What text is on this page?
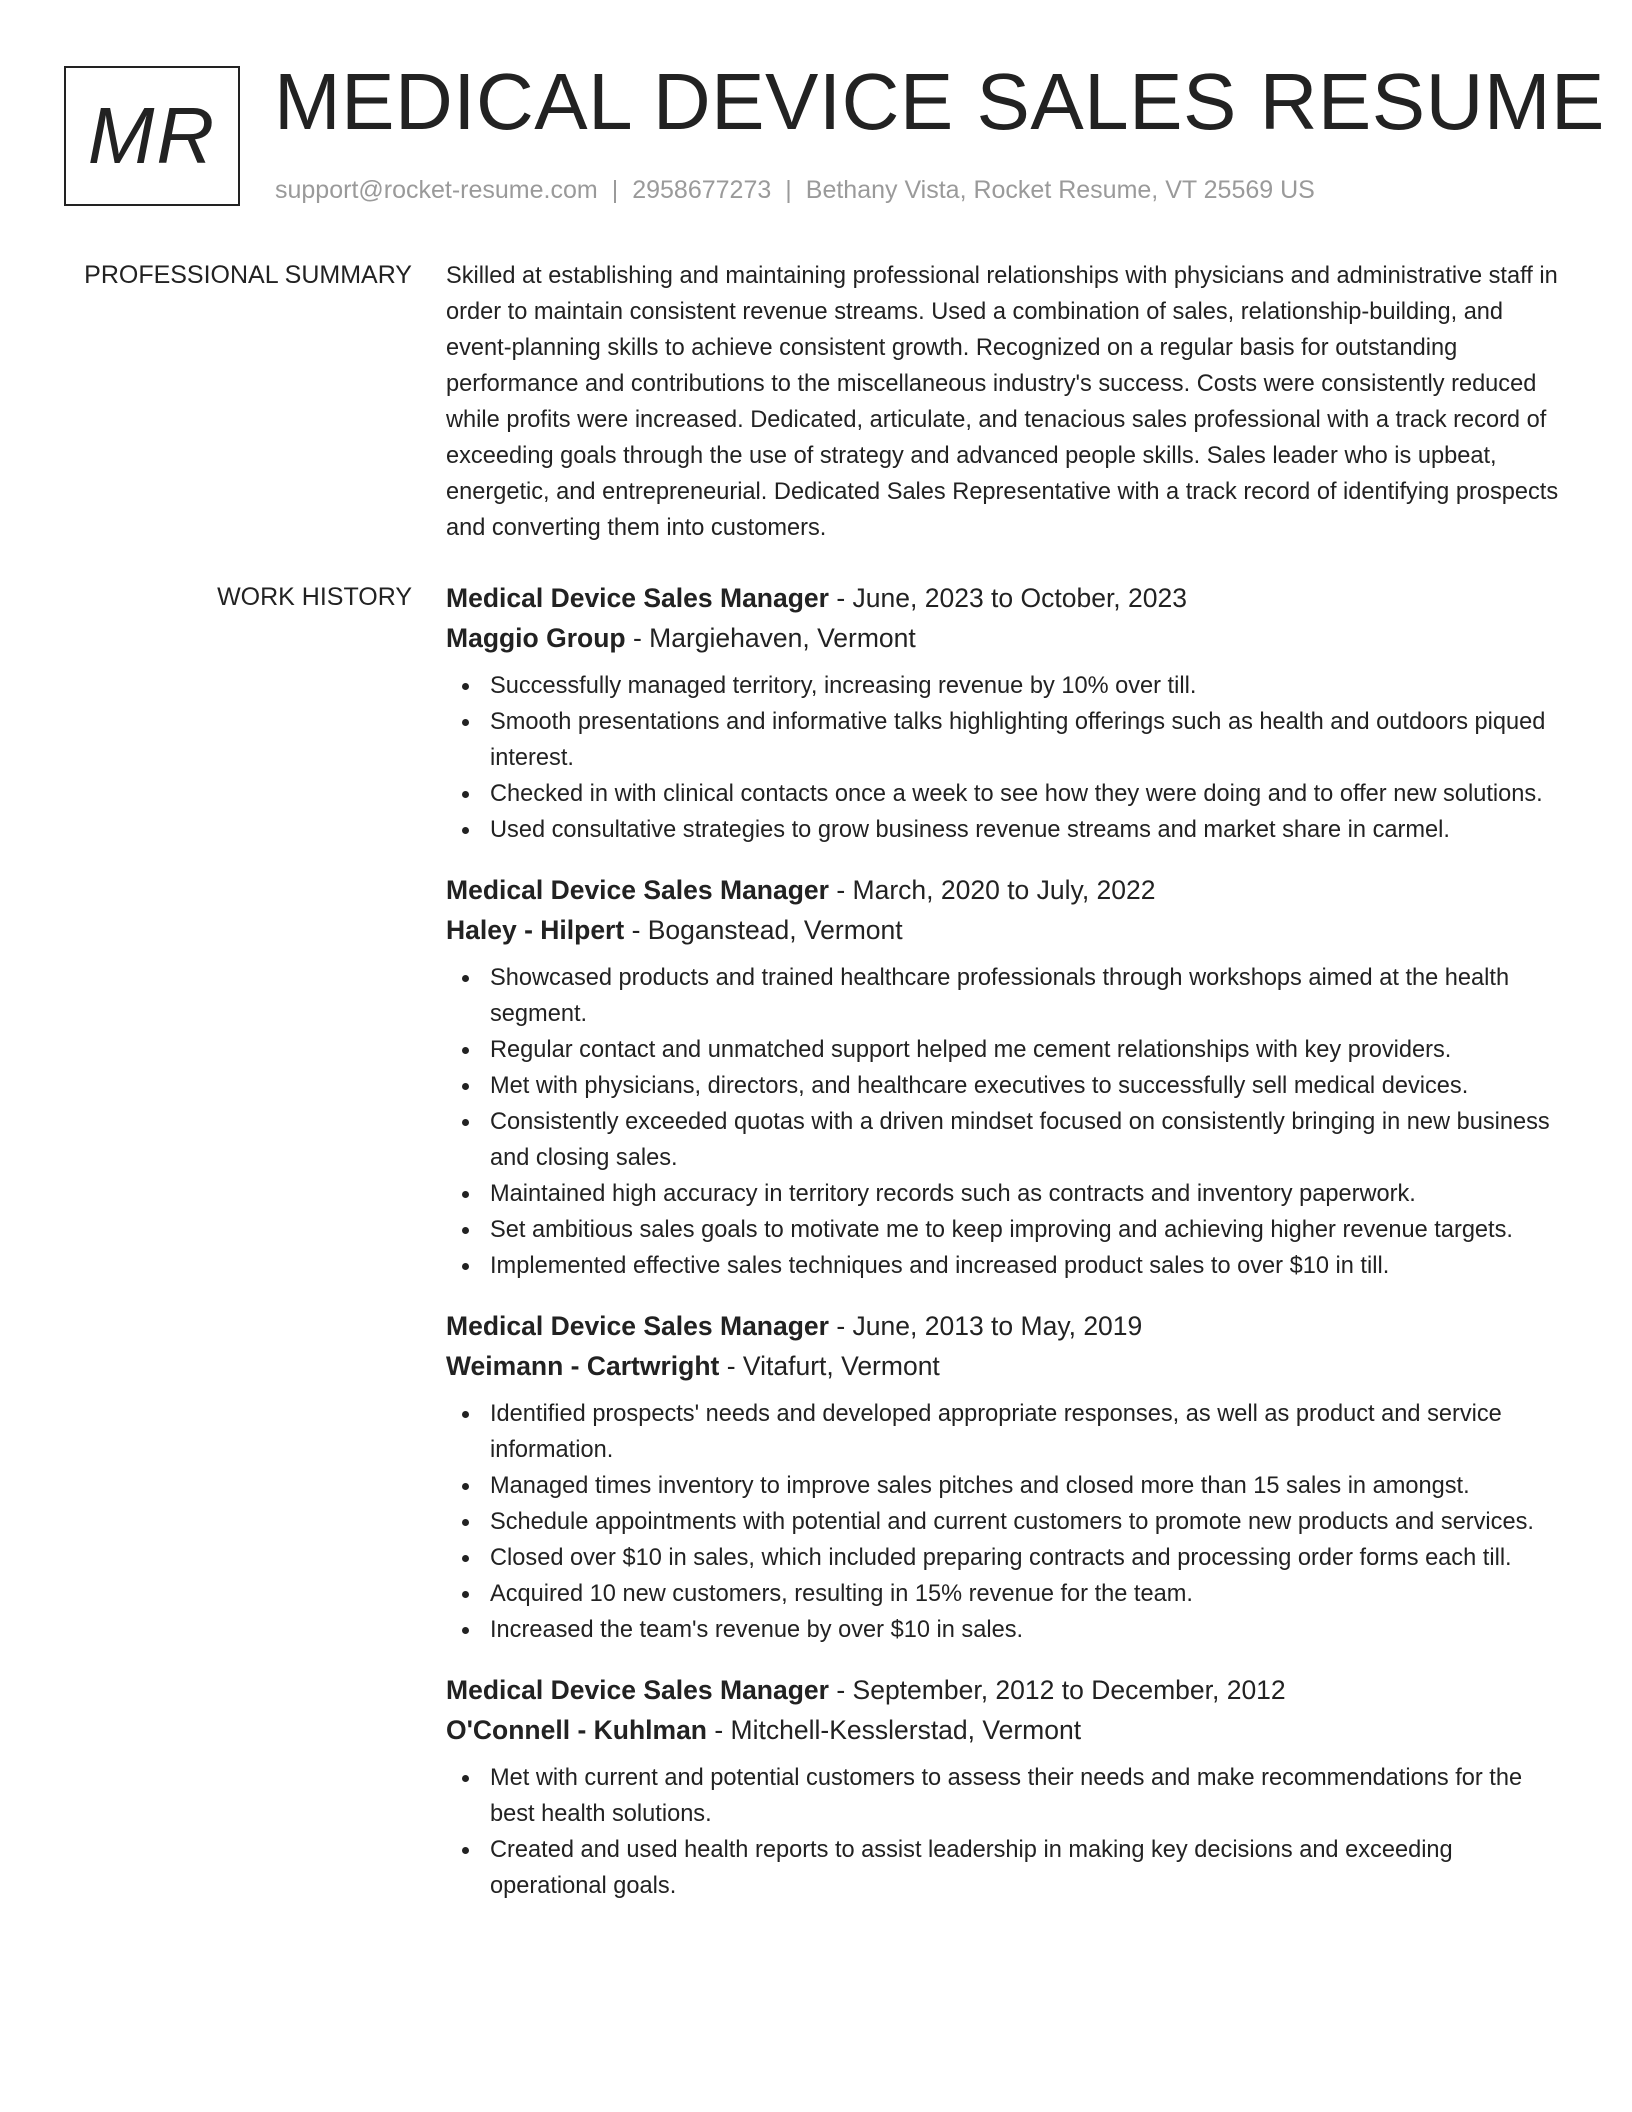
MR MEDICAL DEVICE SALES RESUME
support@rocket-resume.com | 2958677273 | Bethany Vista, Rocket Resume, VT 25569 US
PROFESSIONAL SUMMARY Skilled at establishing and maintaining professional relationships with physicians and administrative staff in order to maintain consistent revenue streams. Used a combination of sales, relationship-building, and event-planning skills to achieve consistent growth. Recognized on a regular basis for outstanding performance and contributions to the miscellaneous industry's success. Costs were consistently reduced while profits were increased. Dedicated, articulate, and tenacious sales professional with a track record of exceeding goals through the use of strategy and advanced people skills. Sales leader who is upbeat, energetic, and entrepreneurial. Dedicated Sales Representative with a track record of identifying prospects and converting them into customers.
WORK HISTORY Medical Device Sales Manager - June, 2023 to October, 2023
Maggio Group - Margiehaven, Vermont
Successfully managed territory, increasing revenue by 10% over till.
Smooth presentations and informative talks highlighting offerings such as health and outdoors piqued interest.
Checked in with clinical contacts once a week to see how they were doing and to offer new solutions.
Used consultative strategies to grow business revenue streams and market share in carmel.
Medical Device Sales Manager - March, 2020 to July, 2022
Haley - Hilpert - Boganstead, Vermont
Showcased products and trained healthcare professionals through workshops aimed at the health segment.
Regular contact and unmatched support helped me cement relationships with key providers.
Met with physicians, directors, and healthcare executives to successfully sell medical devices.
Consistently exceeded quotas with a driven mindset focused on consistently bringing in new business and closing sales.
Maintained high accuracy in territory records such as contracts and inventory paperwork.
Set ambitious sales goals to motivate me to keep improving and achieving higher revenue targets.
Implemented effective sales techniques and increased product sales to over $10 in till.
Medical Device Sales Manager - June, 2013 to May, 2019
Weimann - Cartwright - Vitafurt, Vermont
Identified prospects' needs and developed appropriate responses, as well as product and service information.
Managed times inventory to improve sales pitches and closed more than 15 sales in amongst.
Schedule appointments with potential and current customers to promote new products and services.
Closed over $10 in sales, which included preparing contracts and processing order forms each till.
Acquired 10 new customers, resulting in 15% revenue for the team.
Increased the team's revenue by over $10 in sales.
Medical Device Sales Manager - September, 2012 to December, 2012
O'Connell - Kuhlman - Mitchell-Kesslerstad, Vermont
Met with current and potential customers to assess their needs and make recommendations for the best health solutions.
Created and used health reports to assist leadership in making key decisions and exceeding operational goals.
